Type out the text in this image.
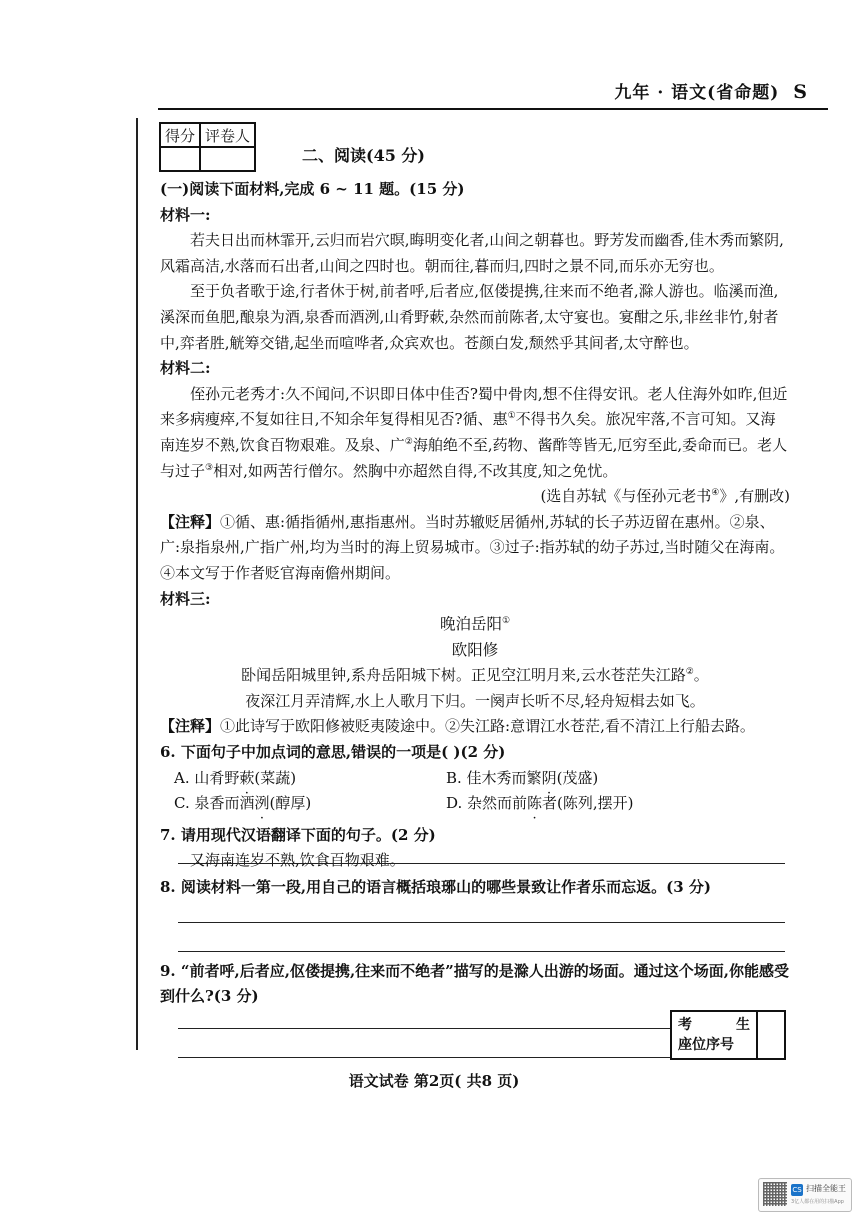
九年 · 语文(省命题) S
得分	评卷人

二、阅读(45 分)

(一)阅读下面材料,完成 6 ~ 11 题。(15 分)

材料一:

若夫日出而林霏开,云归而岩穴暝,晦明变化者,山间之朝暮也。野芳发而幽香,佳木秀而繁阴,风霜高洁,水落而石出者,山间之四时也。朝而往,暮而归,四时之景不同,而乐亦无穷也。

至于负者歌于途,行者休于树,前者呼,后者应,伛偻提携,往来而不绝者,滁人游也。临溪而渔,溪深而鱼肥,酿泉为酒,泉香而酒洌,山肴野蔌,杂然而前陈者,太守宴也。宴酣之乐,非丝非竹,射者中,弈者胜,觥筹交错,起坐而喧哗者,众宾欢也。苍颜白发,颓然乎其间者,太守醉也。

材料二:

侄孙元老秀才:久不闻问,不识即日体中佳否?蜀中骨肉,想不住得安讯。老人住海外如昨,但近来多病瘦瘁,不复如往日,不知余年复得相见否?循、惠①不得书久矣。旅况牢落,不言可知。又海南连岁不熟,饮食百物艰难。及泉、广②海舶绝不至,药物、酱酢等皆无,厄穷至此,委命而已。老人与过子③相对,如两苦行僧尔。然胸中亦超然自得,不改其度,知之免忧。

(选自苏轼《与侄孙元老书④》,有删改)

【注释】①循、惠:循指循州,惠指惠州。当时苏辙贬居循州,苏轼的长子苏迈留在惠州。②泉、广:泉指泉州,广指广州,均为当时的海上贸易城市。③过子:指苏轼的幼子苏过,当时随父在海南。④本文写于作者贬官海南儋州期间。

材料三:

晚泊岳阳①

欧阳修

卧闻岳阳城里钟,系舟岳阳城下树。正见空江明月来,云水苍茫失江路②。

夜深江月弄清辉,水上人歌月下归。一阕声长听不尽,轻舟短楫去如飞。

【注释】①此诗写于欧阳修被贬夷陵途中。②失江路:意谓江水苍茫,看不清江上行船去路。

6. 下面句子中加点词的意思,错误的一项是( )(2 分)

A. 山肴野蔌(菜蔬)	B. 佳木秀而繁阴(茂盛)
C. 泉香而酒洌(醇厚)	D. 杂然而前陈者(陈列,摆开)

7. 请用现代汉语翻译下面的句子。(2 分)

又海南连岁不熟,饮食百物艰难。

8. 阅读材料一第一段,用自己的语言概括琅琊山的哪些景致让作者乐而忘返。(3 分)
9. “前者呼,后者应,伛偻提携,往来而不绝者”描写的是滁人出游的场面。通过这个场面,你能感受到什么?(3 分)
考	生
座位序号
语文试卷 第2页( 共8 页)
CS 扫描全能王
3亿人都在用的扫描App
